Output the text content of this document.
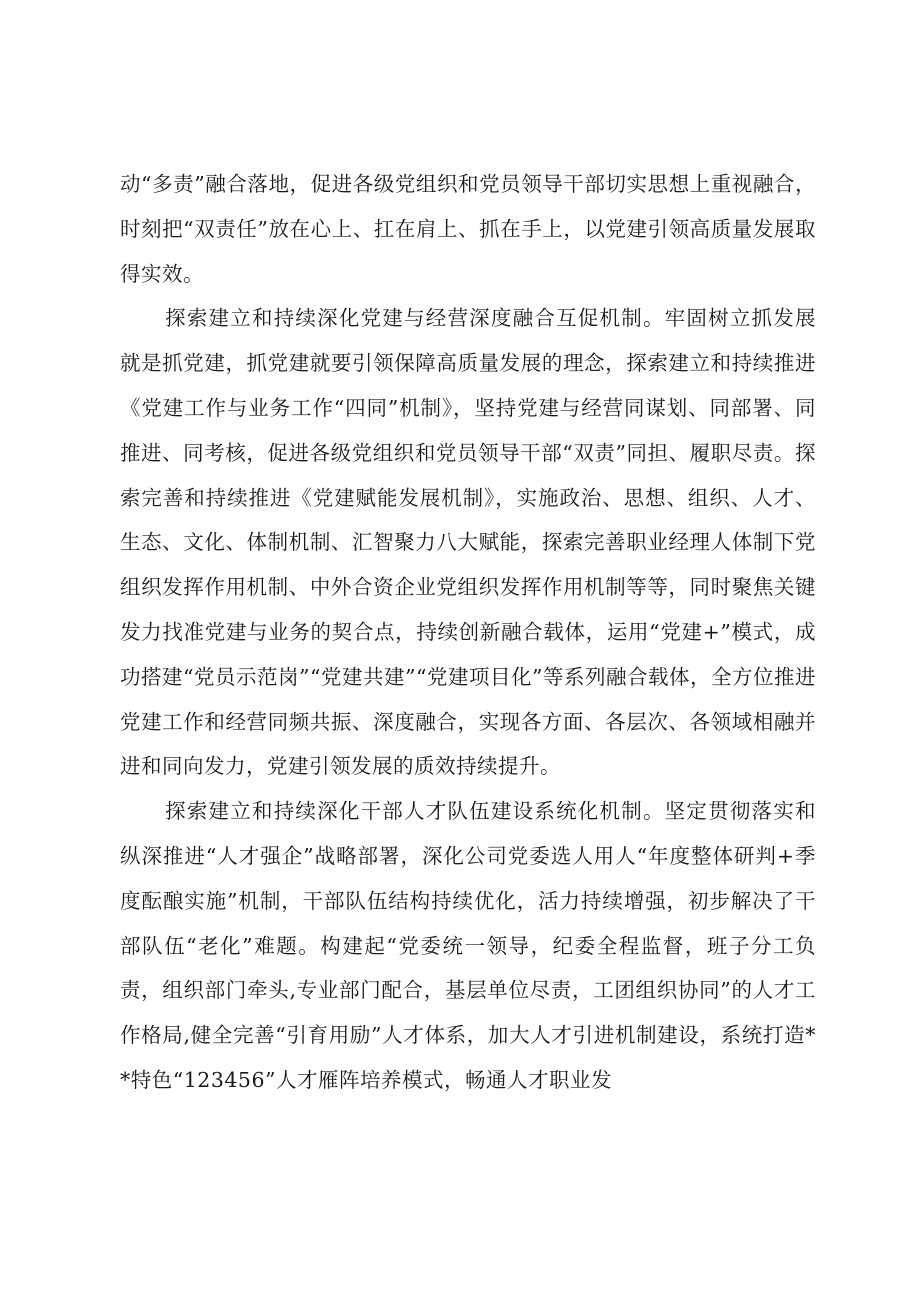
动“多责”融合落地，促进各级党组织和党员领导干部切实思想上重视融合，时刻把“双责任”放在心上、扛在肩上、抓在手上，以党建引领高质量发展取得实效。

探索建立和持续深化党建与经营深度融合互促机制。牢固树立抓发展就是抓党建，抓党建就要引领保障高质量发展的理念，探索建立和持续推进《党建工作与业务工作“四同”机制》，坚持党建与经营同谋划、同部署、同推进、同考核，促进各级党组织和党员领导干部“双责”同担、履职尽责。探索完善和持续推进《党建赋能发展机制》，实施政治、思想、组织、人才、生态、文化、体制机制、汇智聚力八大赋能，探索完善职业经理人体制下党组织发挥作用机制、中外合资企业党组织发挥作用机制等等，同时聚焦关键发力找准党建与业务的契合点，持续创新融合载体，运用“党建+”模式，成功搭建“党员示范岗”“党建共建”“党建项目化”等系列融合载体，全方位推进党建工作和经营同频共振、深度融合，实现各方面、各层次、各领域相融并进和同向发力，党建引领发展的质效持续提升。

探索建立和持续深化干部人才队伍建设系统化机制。坚定贯彻落实和纵深推进“人才强企”战略部署，深化公司党委选人用人“年度整体研判+季度酝酿实施”机制，干部队伍结构持续优化，活力持续增强，初步解决了干部队伍“老化”难题。构建起“党委统一领导，纪委全程监督，班子分工负责，组织部门牵头,专业部门配合，基层单位尽责，工团组织协同”的人才工作格局,健全完善“引育用励”人才体系，加大人才引进机制建设，系统打造**特色“123456”人才雁阵培养模式，畅通人才职业发
